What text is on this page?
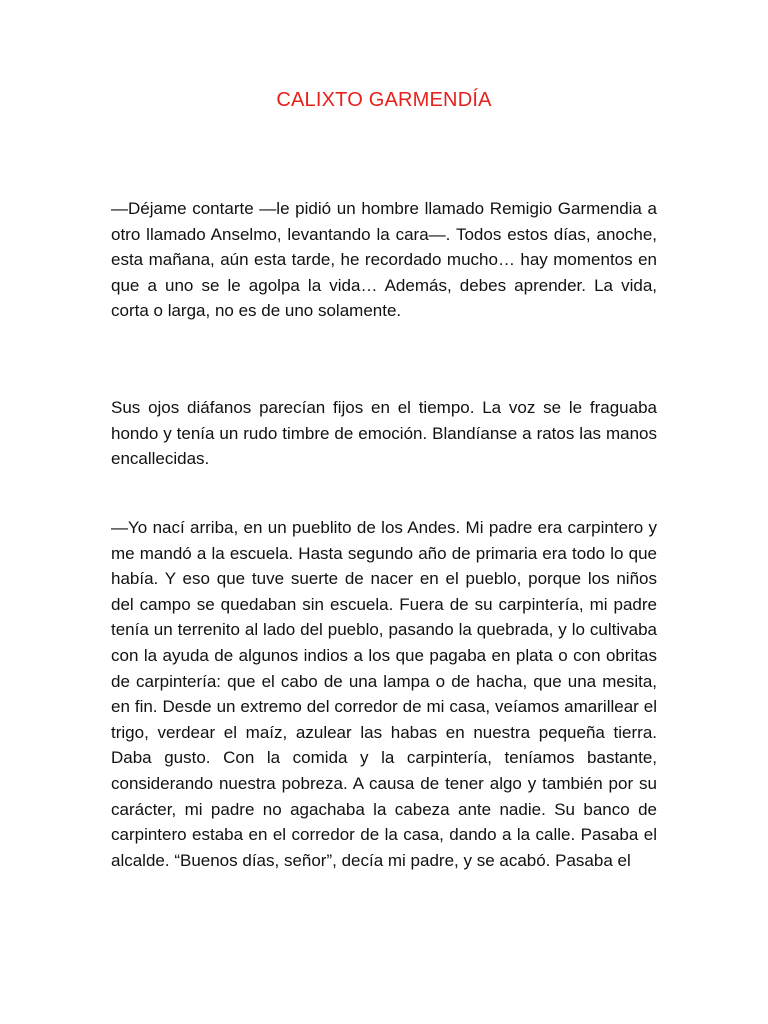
CALIXTO GARMENDÍA

—Déjame contarte —le pidió un hombre llamado Remigio Garmendia a otro llamado Anselmo, levantando la cara—. Todos estos días, anoche, esta mañana, aún esta tarde, he recordado mucho… hay momentos en que a uno se le agolpa la vida… Además, debes aprender. La vida, corta o larga, no es de uno solamente.

Sus ojos diáfanos parecían fijos en el tiempo. La voz se le fraguaba hondo y tenía un rudo timbre de emoción. Blandíanse a ratos las manos encallecidas.

—Yo nací arriba, en un pueblito de los Andes. Mi padre era carpintero y me mandó a la escuela. Hasta segundo año de primaria era todo lo que había. Y eso que tuve suerte de nacer en el pueblo, porque los niños del campo se quedaban sin escuela. Fuera de su carpintería, mi padre tenía un terrenito al lado del pueblo, pasando la quebrada, y lo cultivaba con la ayuda de algunos indios a los que pagaba en plata o con obritas de carpintería: que el cabo de una lampa o de hacha, que una mesita, en fin. Desde un extremo del corredor de mi casa, veíamos amarillear el trigo, verdear el maíz, azulear las habas en nuestra pequeña tierra. Daba gusto. Con la comida y la carpintería, teníamos bastante, considerando nuestra pobreza. A causa de tener algo y también por su carácter, mi padre no agachaba la cabeza ante nadie. Su banco de carpintero estaba en el corredor de la casa, dando a la calle. Pasaba el alcalde. “Buenos días, señor”, decía mi padre, y se acabó. Pasaba el
